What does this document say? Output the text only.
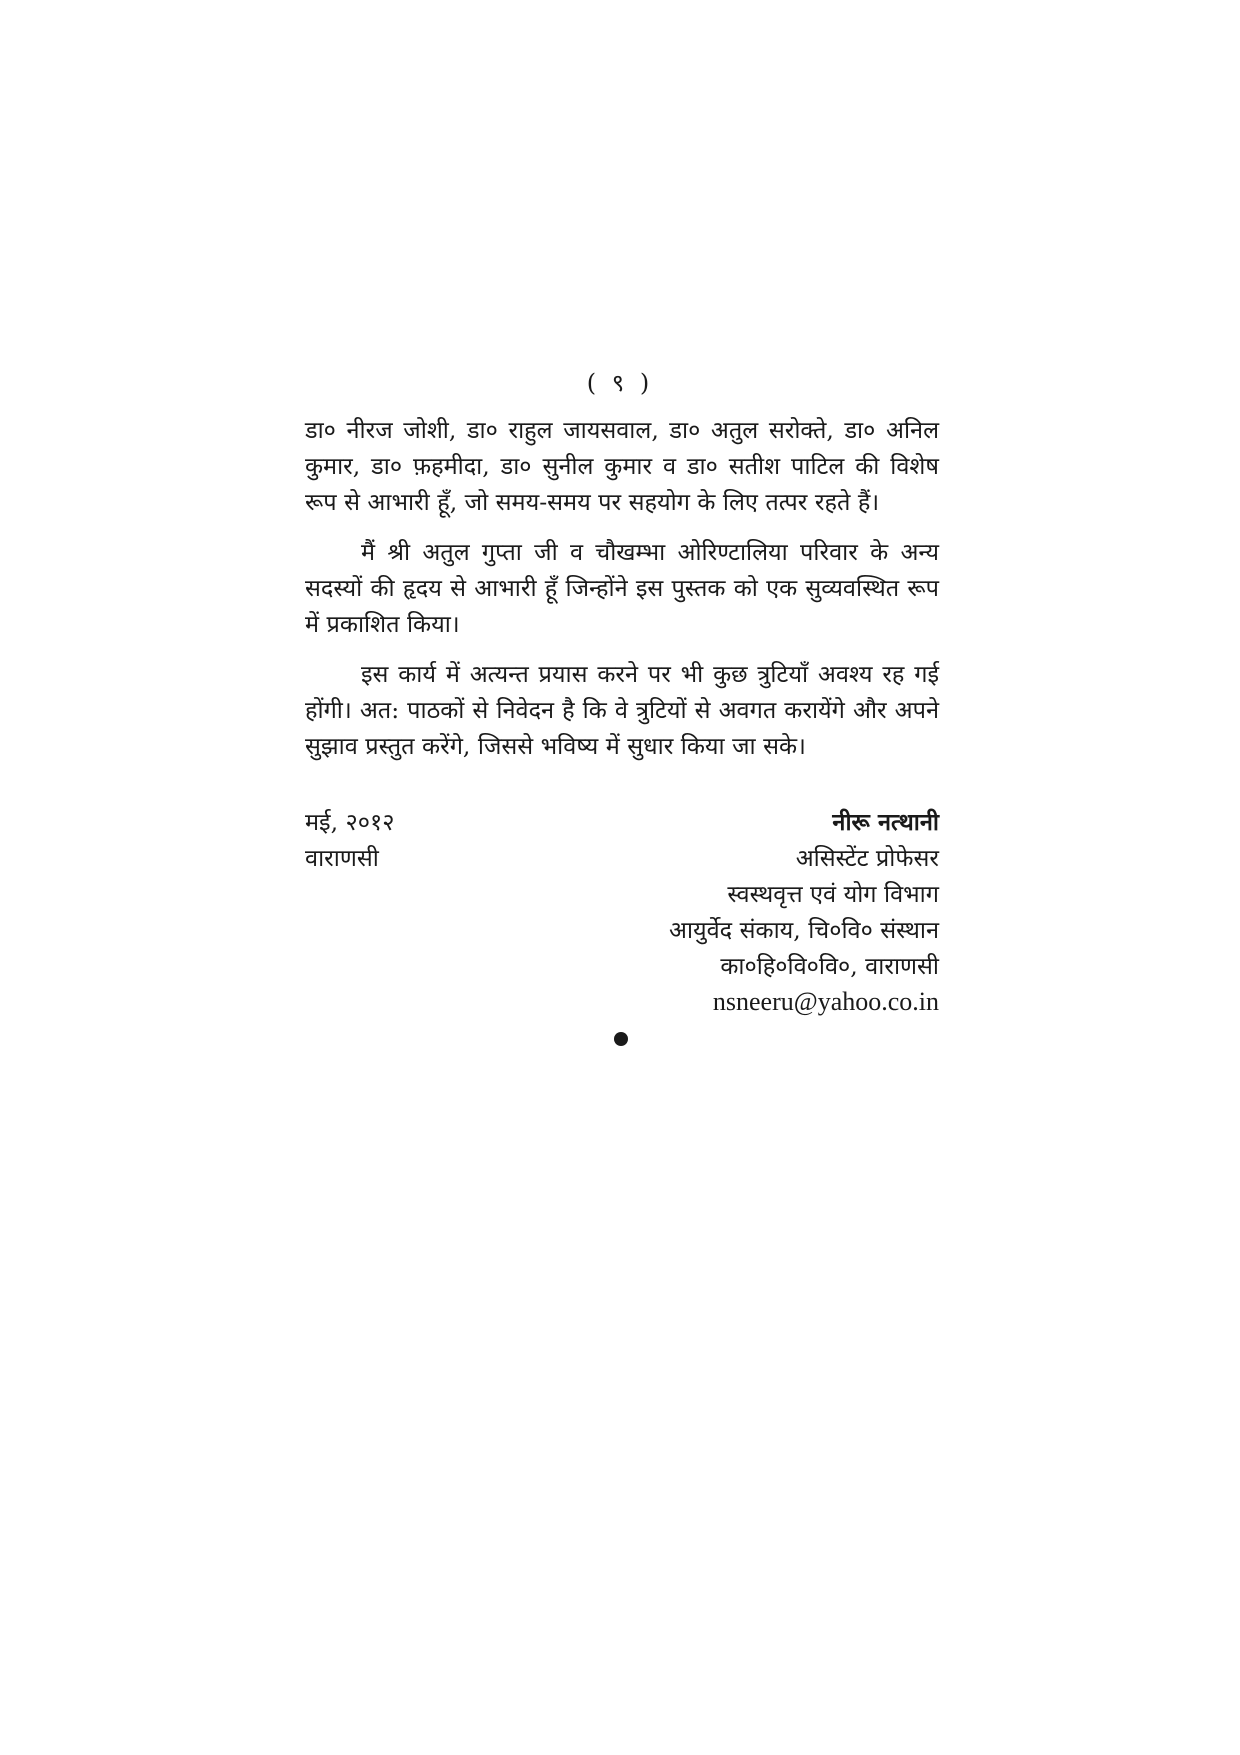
( ९ )

डा० नीरज जोशी, डा० राहुल जायसवाल, डा० अतुल सरोक्ते, डा० अनिल कुमार, डा० फ़हमीदा, डा० सुनील कुमार व डा० सतीश पाटिल की विशेष रूप से आभारी हूँ, जो समय-समय पर सहयोग के लिए तत्पर रहते हैं।

मैं श्री अतुल गुप्ता जी व चौखम्भा ओरिण्टालिया परिवार के अन्य सदस्यों की हृदय से आभारी हूँ जिन्होंने इस पुस्तक को एक सुव्यवस्थित रूप में प्रकाशित किया।

इस कार्य में अत्यन्त प्रयास करने पर भी कुछ त्रुटियाँ अवश्य रह गई होंगी। अत: पाठकों से निवेदन है कि वे त्रुटियों से अवगत करायेंगे और अपने सुझाव प्रस्तुत करेंगे, जिससे भविष्य में सुधार किया जा सके।

मई, २०१२	नीरू नत्थानी
वाराणसी	असिस्टेंट प्रोफेसर
स्वस्थवृत्त एवं योग विभाग
आयुर्वेद संकाय, चि०वि० संस्थान
का०हि०वि०वि०, वाराणसी
nsneeru@yahoo.co.in
